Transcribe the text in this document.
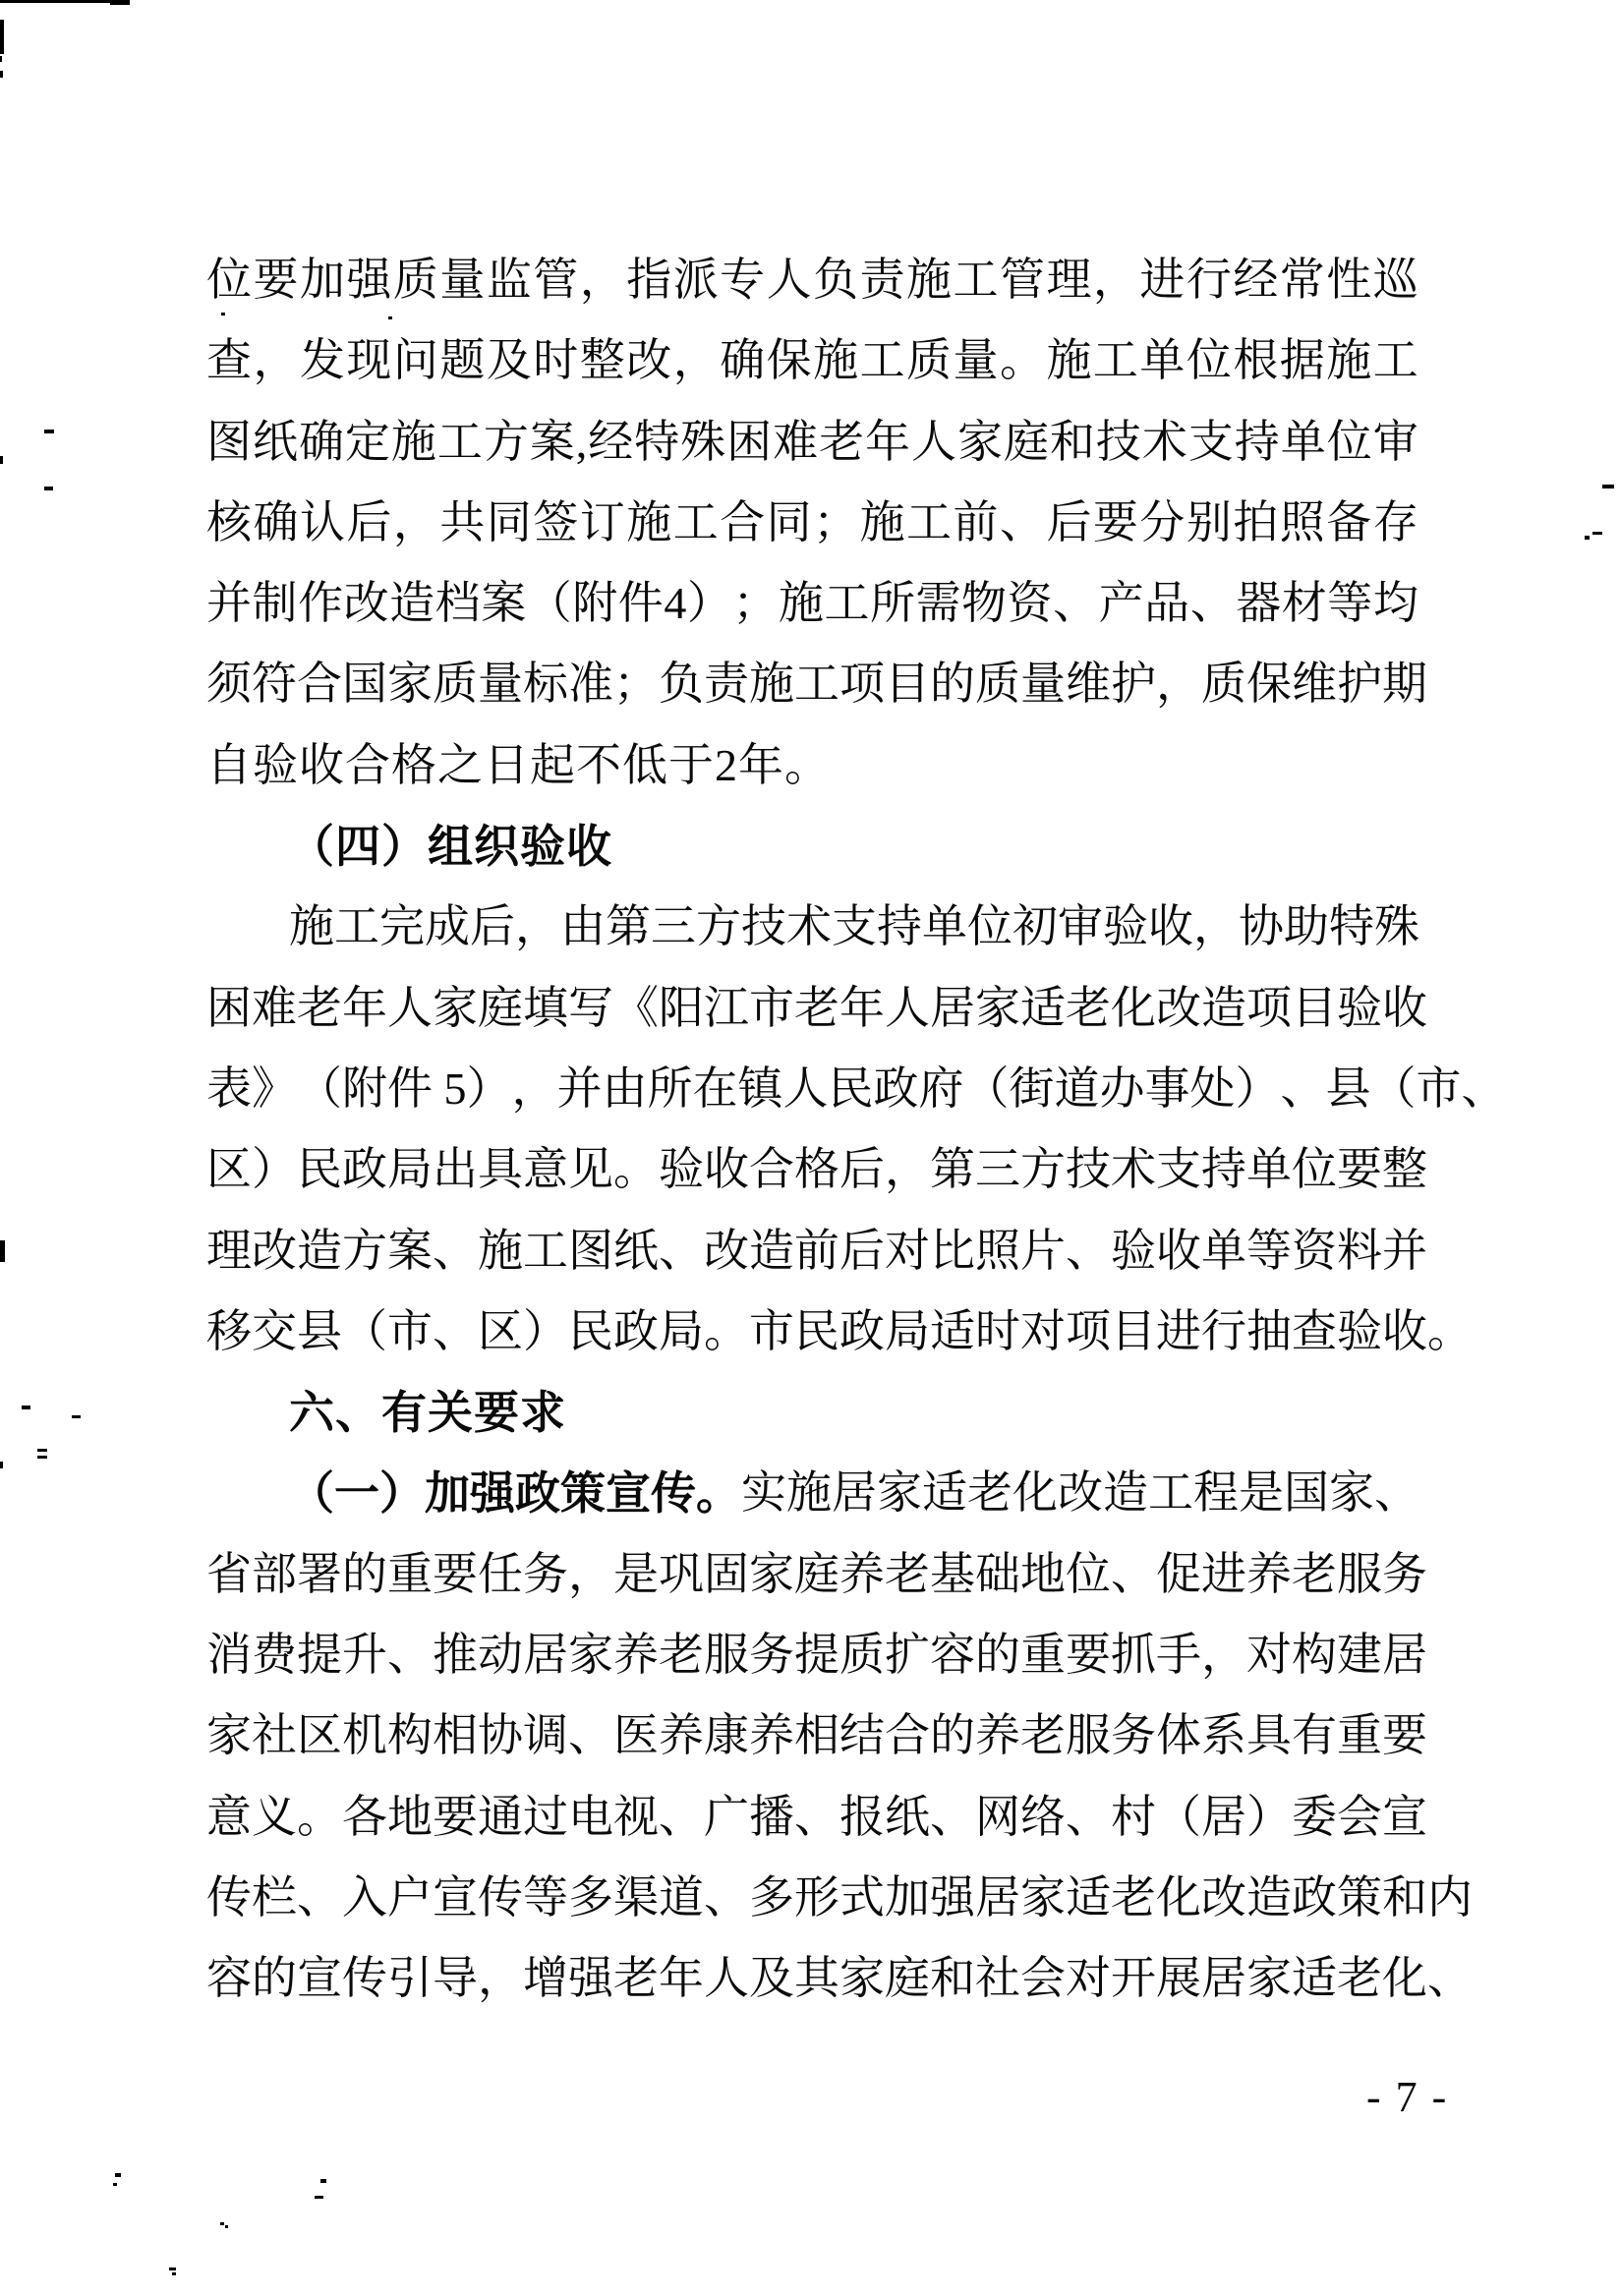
位 要 加 强 质 量 监 管 ， 指 派 专 人 负 责 施 工 管 理 ， 进 行 经 常 性 巡
查 ， 发 现 问 题 及 时 整 改 ， 确 保 施 工 质 量 。 施 工 单 位 根 据 施 工
图 纸 确 定 施 工 方 案 , 经 特 殊 困 难 老 年 人 家 庭 和 技 术 支 持 单 位 审
核 确 认 后 ， 共 同 签 订 施 工 合 同 ； 施 工 前 、 后 要 分 别 拍 照 备 存
并 制 作 改 造 档 案 （ 附 件 4 ） ； 施 工 所 需 物 资 、 产 品 、 器 材 等 均
须 符 合 国 家 质 量 标 准 ； 负 责 施 工 项 目 的 质 量 维 护 ， 质 保 维 护 期
自验收合格之日起不低于2年。
（四）组织验收
施 工 完 成 后 ， 由 第 三 方 技 术 支 持 单 位 初 审 验 收 ， 协 助 特 殊
困 难 老 年 人 家 庭 填 写 《 阳 江 市 老 年 人 居 家 适 老 化 改 造 项 目 验 收
表 》 （ 附 件
5 ） ， 并 由 所 在 镇 人 民 政 府 （ 街 道 办 事 处 ） 、 县 （ 市 、
区 ） 民 政 局 出 具 意 见 。 验 收 合 格 后 ， 第 三 方 技 术 支 持 单 位 要 整
理 改 造 方 案 、 施 工 图 纸 、 改 造 前 后 对 比 照 片 、 验 收 单 等 资 料 并
移 交 县 （ 市 、 区 ） 民 政 局 。 市 民 政 局 适 时 对 项 目 进 行 抽 查 验 收 。
六、有关要求
（ 一 ） 加 强 政 策 宣 传 。 实 施 居 家 适 老 化 改 造 工 程 是 国 家 、
省 部 署 的 重 要 任 务 ， 是 巩 固 家 庭 养 老 基 础 地 位 、 促 进 养 老 服 务
消 费 提 升 、 推 动 居 家 养 老 服 务 提 质 扩 容 的 重 要 抓 手 ， 对 构 建 居
家 社 区 机 构 相 协 调 、 医 养 康 养 相 结 合 的 养 老 服 务 体 系 具 有 重 要
意 义 。 各 地 要 通 过 电 视 、 广 播 、 报 纸 、 网 络 、 村 （ 居 ） 委 会 宣
传 栏 、 入 户 宣 传 等 多 渠 道 、 多 形 式 加 强 居 家 适 老 化 改 造 政 策 和 内
容 的 宣 传 引 导 ， 增 强 老 年 人 及 其 家 庭 和 社 会 对 开 展 居 家 适 老 化 、
- 7 -
